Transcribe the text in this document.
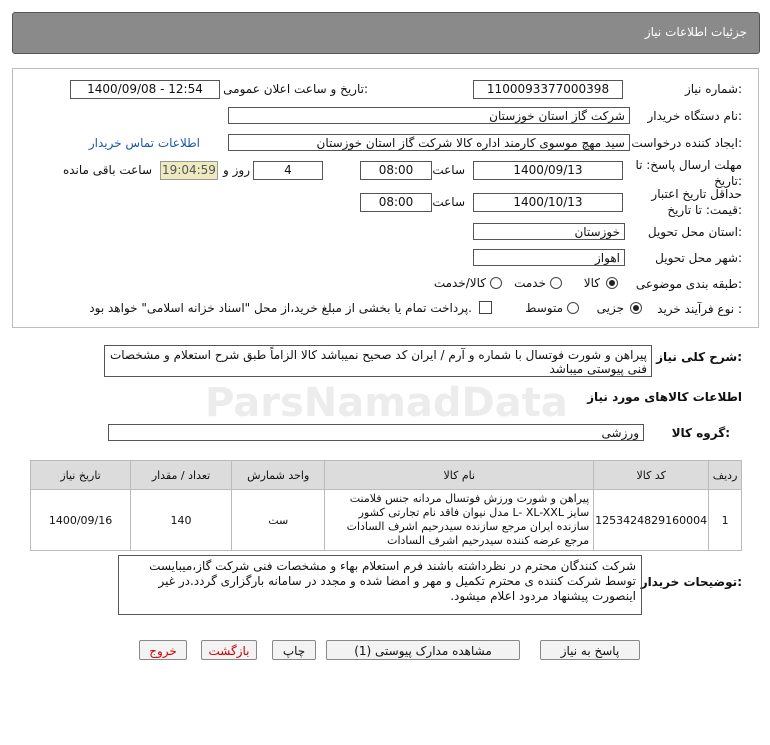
جزئیات اطلاعات نیاز
ParsNamadData
شماره نیاز:
1100093377000398
تاریخ و ساعت اعلان عمومی:
1400/09/08 - 12:54
نام دستگاه خریدار:
شرکت گاز استان خوزستان
ایجاد کننده درخواست:
سید مهچ موسوی کارمند اداره کالا شرکت گاز استان خوزستان
اطلاعات تماس خریدار
مهلت ارسال پاسخ: تا تاریخ:
1400/09/13
ساعت
08:00
4
روز و
19:04:59
ساعت باقی مانده
حداقل تاریخ اعتبار قیمت: تا تاریخ:
1400/10/13
ساعت
08:00
استان محل تحویل:
خوزستان
شهر محل تحویل:
اهواز
طبقه بندی موضوعی:
کالا
خدمت
کالا/خدمت
نوع فرآیند خرید :
جزیی
متوسط
پرداخت تمام یا بخشی از مبلغ خرید،از محل "اسناد خزانه اسلامی" خواهد بود.
شرح کلی نیاز:
پیراهن و شورت فوتسال با شماره و آرم / ایران کد صحیح نمیباشد کالا الزاماً طبق شرح استعلام و مشخصات فنی پیوستی میباشد
اطلاعات کالاهای مورد نیاز
گروه کالا:
ورزشی
ردیف	کد کالا	نام کالا	واحد شمارش	تعداد / مقدار	تاریخ نیاز
1	1253424829160004	پیراهن و شورت ورزش فوتسال مردانه جنس فلامنت سایز L- XL-XXL مدل نیوان فاقد نام تجارتی کشور سازنده ایران مرجع سازنده سیدرحیم اشرف السادات مرجع عرضه کننده سیدرحیم اشرف السادات	ست	140	1400/09/16
توضیحات خریدار:
شرکت کنندگان محترم در نظرداشته باشند فرم استعلام بهاء و مشخصات فنی شرکت گاز،میبایست توسط شرکت کننده ی محترم تکمیل و مهر و امضا شده و مجدد در سامانه بارگزاری گردد.در غیر اینصورت پیشنهاد مردود اعلام میشود.
پاسخ به نیاز
مشاهده مدارک پیوستی (1)
چاپ
بازگشت
خروج
